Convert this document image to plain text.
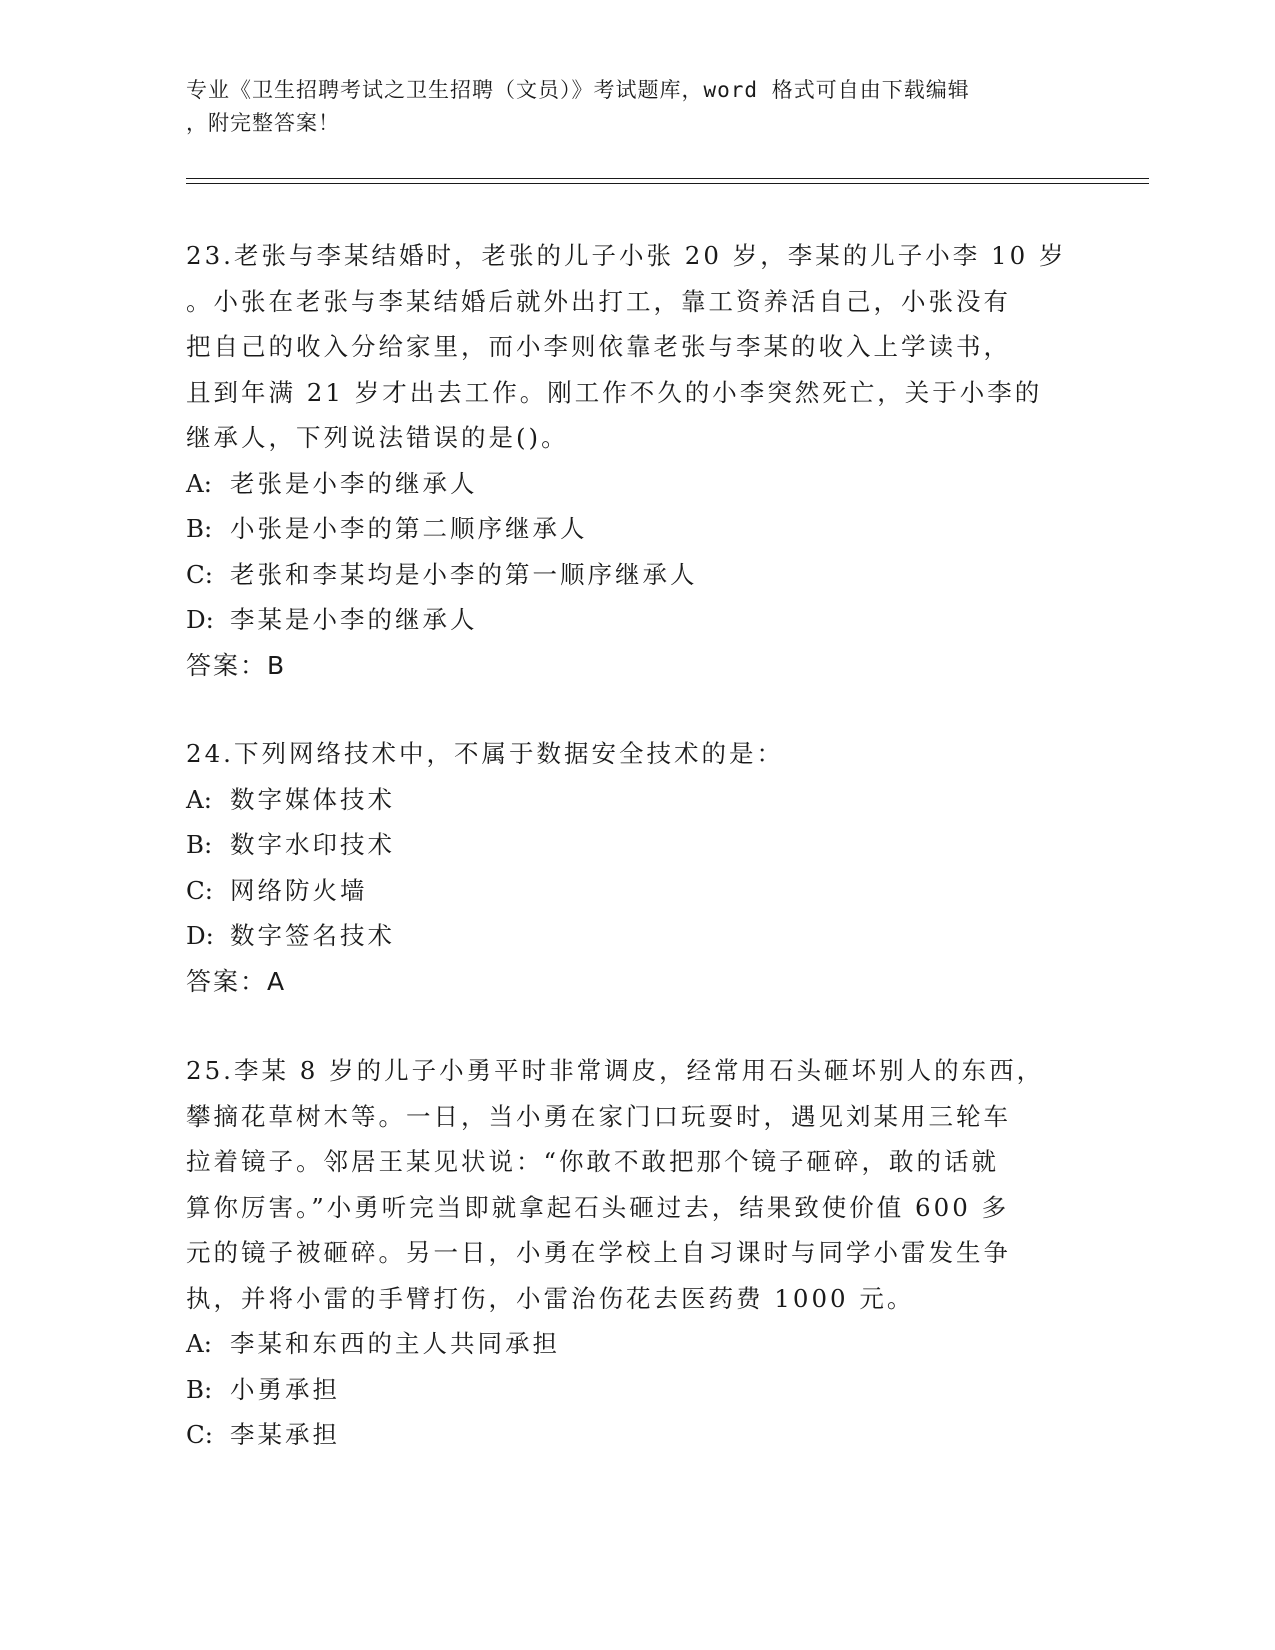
专业《卫生招聘考试之卫生招聘（文员）》考试题库，word 格式可自由下载编辑
，附完整答案！

23.老张与李某结婚时，老张的儿子小张 20 岁，李某的儿子小李 10 岁

。小张在老张与李某结婚后就外出打工，靠工资养活自己，小张没有

把自己的收入分给家里，而小李则依靠老张与李某的收入上学读书，

且到年满 21 岁才出去工作。刚工作不久的小李突然死亡，关于小李的

继承人，下列说法错误的是()。

A: 老张是小李的继承人

B: 小张是小李的第二顺序继承人

C: 老张和李某均是小李的第一顺序继承人

D: 李某是小李的继承人

答案：B

24.下列网络技术中，不属于数据安全技术的是：

A: 数字媒体技术

B: 数字水印技术

C: 网络防火墙

D: 数字签名技术

答案：A

25.李某 8 岁的儿子小勇平时非常调皮，经常用石头砸坏别人的东西，

攀摘花草树木等。一日，当小勇在家门口玩耍时，遇见刘某用三轮车

拉着镜子。邻居王某见状说：“你敢不敢把那个镜子砸碎，敢的话就

算你厉害。”小勇听完当即就拿起石头砸过去，结果致使价值 600 多

元的镜子被砸碎。另一日，小勇在学校上自习课时与同学小雷发生争

执，并将小雷的手臂打伤，小雷治伤花去医药费 1000 元。

A: 李某和东西的主人共同承担

B: 小勇承担

C: 李某承担
